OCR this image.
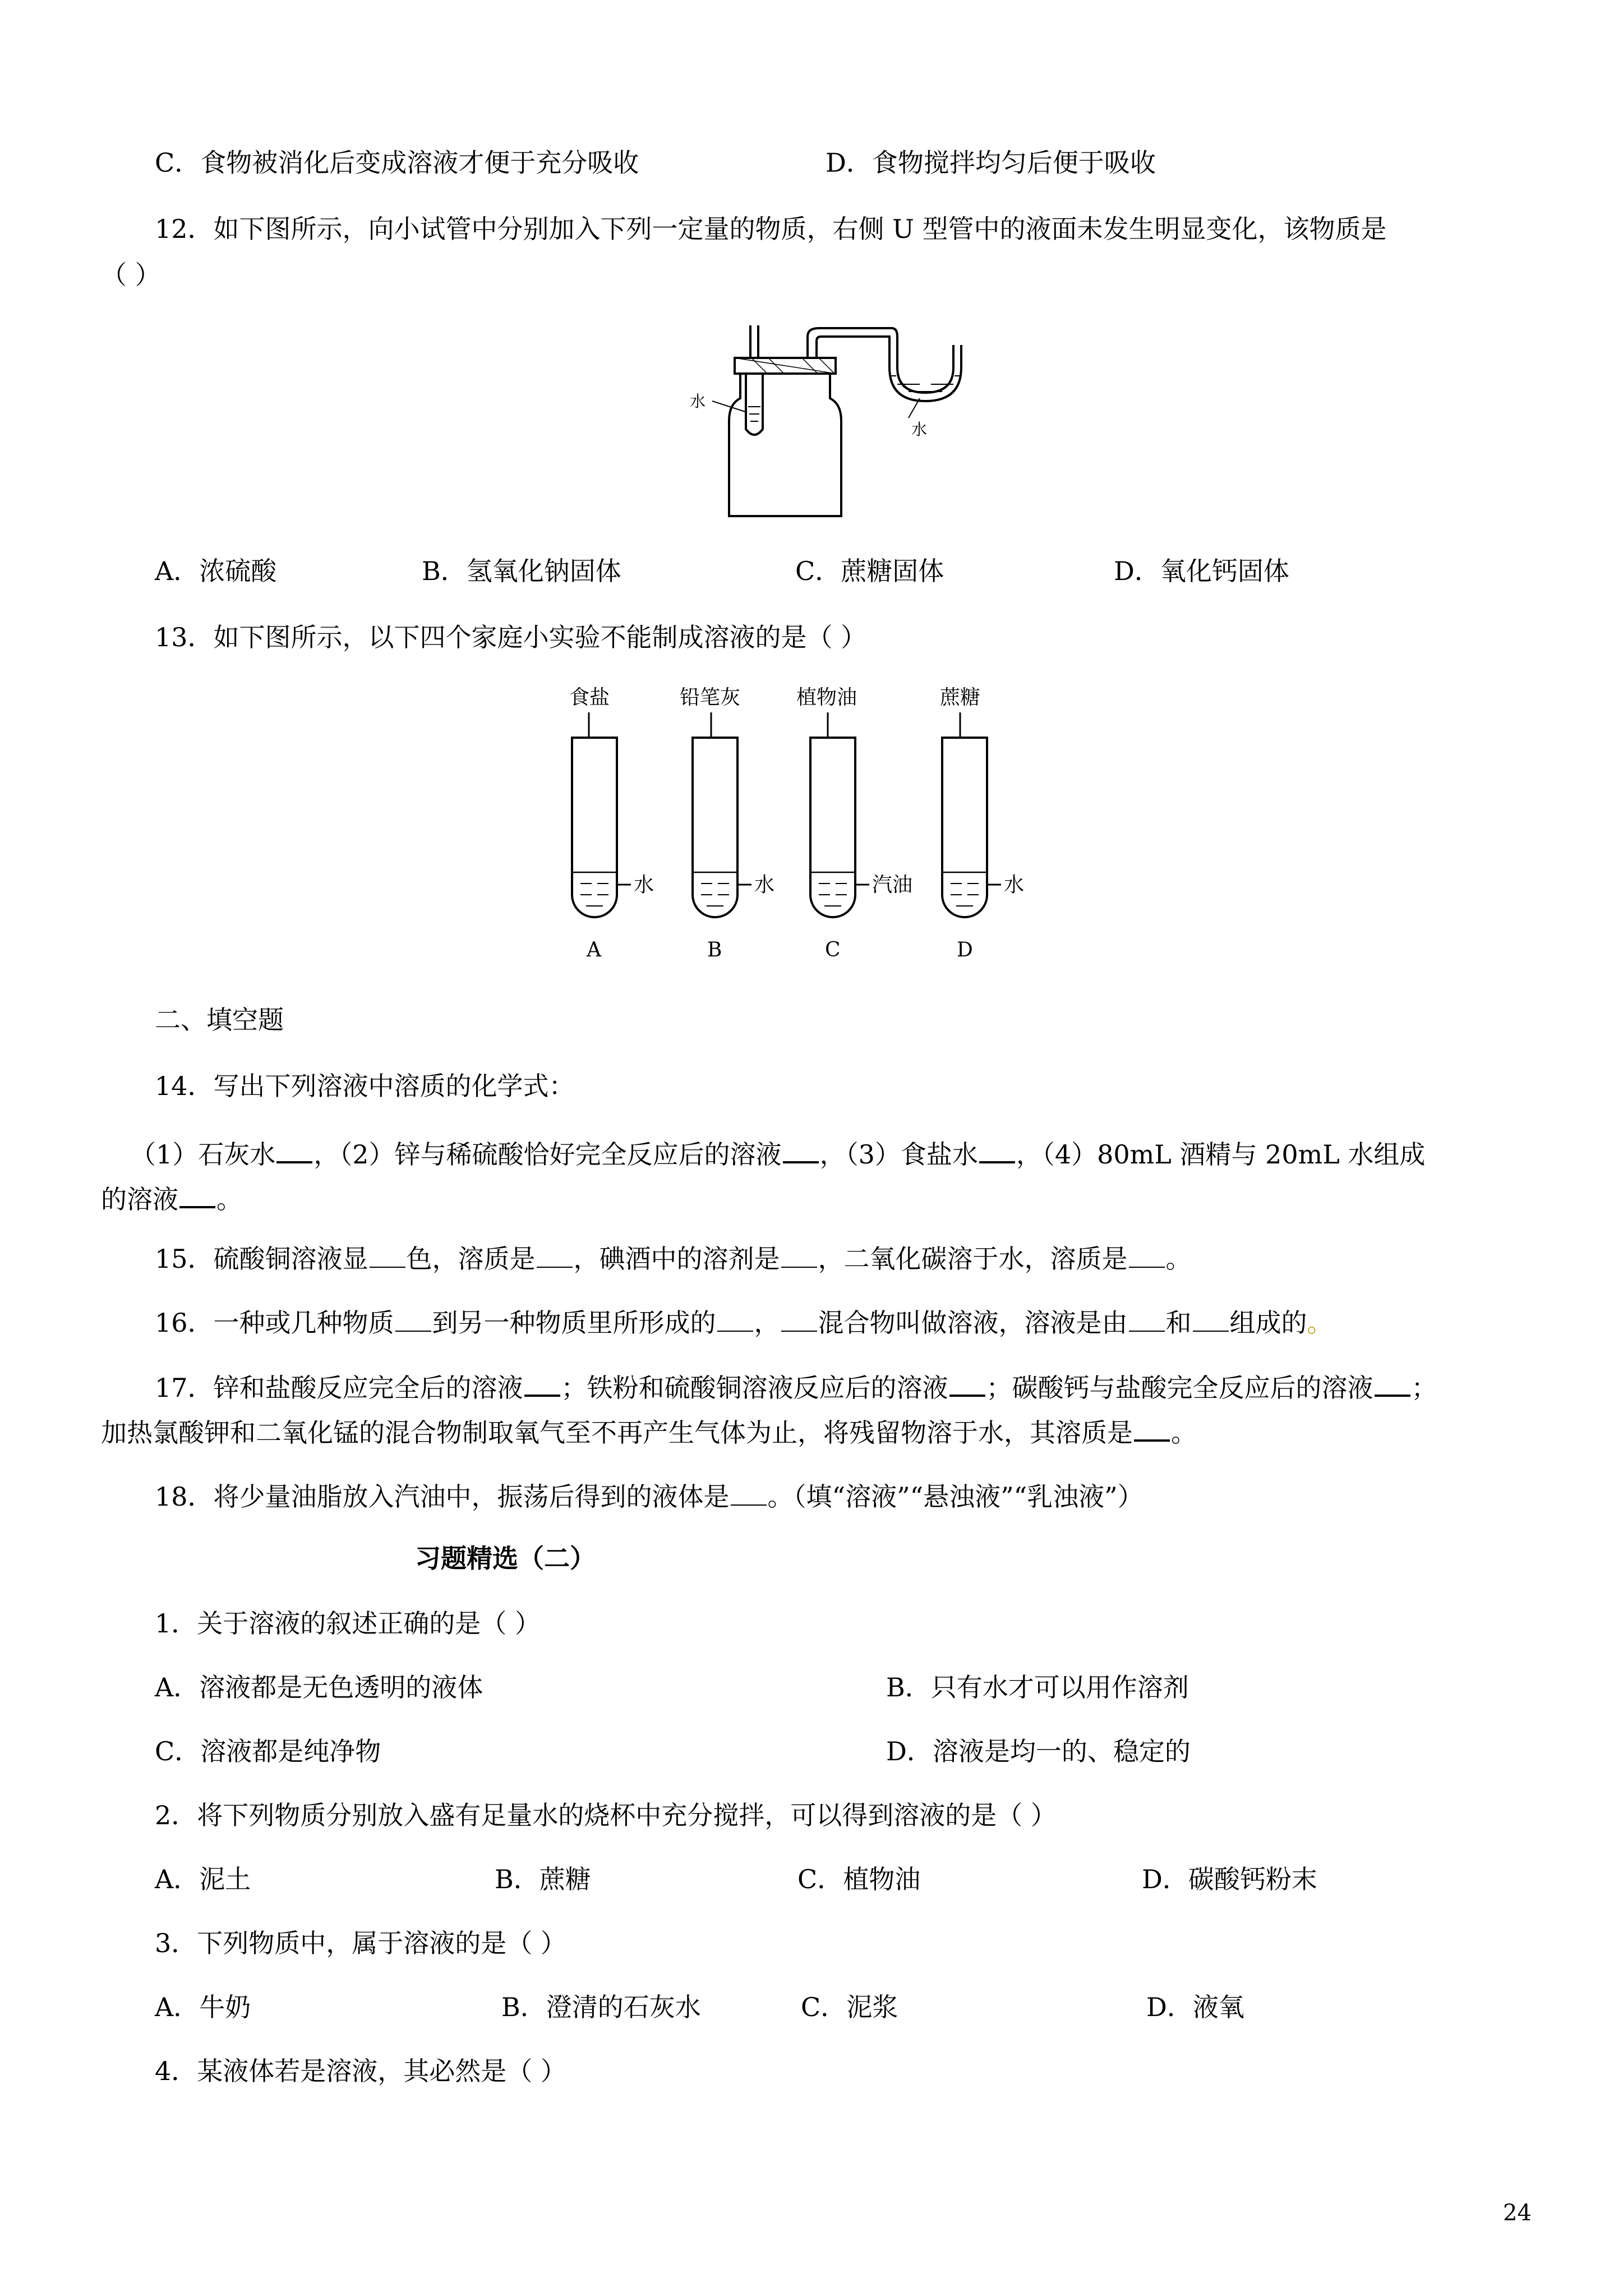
C．食物被消化后变成溶液才便于充分吸收	D．食物搅拌均匀后便于吸收
12．如下图所示，向小试管中分别加入下列一定量的物质，右侧 U 型管中的液面未发生明显变化，该物质是
（ ）
水
水
A．浓硫酸	B．氢氧化钠固体	C．蔗糖固体	D．氧化钙固体
13．如下图所示，以下四个家庭小实验不能制成溶液的是（ ）
食盐
水
A
铅笔灰
水
B
植物油
汽油
C
蔗糖
水
D
二、填空题
14．写出下列溶液中溶质的化学式：
（1）石灰水 ，（2）锌与稀硫酸恰好完全反应后的溶液 ，（3）食盐水 ，（4）80mL 酒精与 20mL 水组成
的溶液 。
15．硫酸铜溶液显 色，溶质是 ，碘酒中的溶剂是 ，二氧化碳溶于水，溶质是 。
16．一种或几种物质 到另一种物质里所形成的 ， 混合物叫做溶液，溶液是由 和 组成的。
17．锌和盐酸反应完全后的溶液 ；铁粉和硫酸铜溶液反应后的溶液 ；碳酸钙与盐酸完全反应后的溶液 ；
加热氯酸钾和二氧化锰的混合物制取氧气至不再产生气体为止，将残留物溶于水，其溶质是 。
18．将少量油脂放入汽油中，振荡后得到的液体是 。（填“溶液”“悬浊液”“乳浊液”）
习题精选（二）
1．关于溶液的叙述正确的是（ ）
A．溶液都是无色透明的液体	B．只有水才可以用作溶剂
C．溶液都是纯净物	D．溶液是均一的、稳定的
2．将下列物质分别放入盛有足量水的烧杯中充分搅拌，可以得到溶液的是（ ）
A．泥土	B．蔗糖	C．植物油	D．碳酸钙粉末
3．下列物质中，属于溶液的是（ ）
A．牛奶	B．澄清的石灰水	C．泥浆	D．液氧
4．某液体若是溶液，其必然是（ ）
24
